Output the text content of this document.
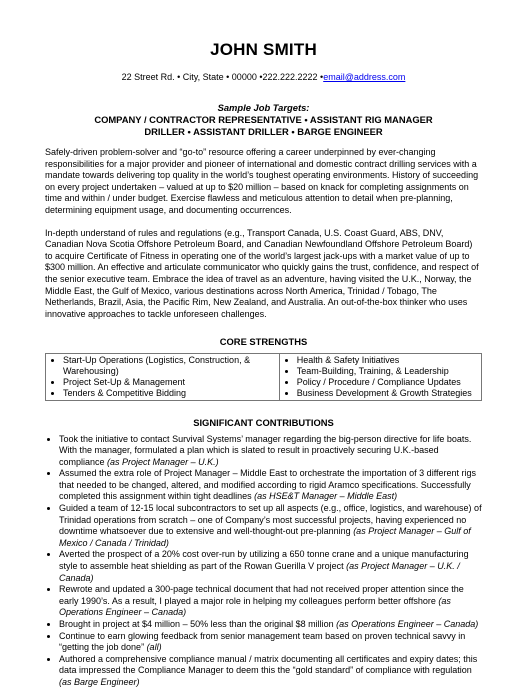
JOHN SMITH
22 Street Rd. • City, State • 00000 •222.222.2222 •email@address.com
Sample Job Targets:
COMPANY / CONTRACTOR REPRESENTATIVE • ASSISTANT RIG MANAGER
DRILLER • ASSISTANT DRILLER • BARGE ENGINEER

Safely-driven problem-solver and “go-to” resource offering a career underpinned by ever-changing responsibilities for a major provider and pioneer of international and domestic contract drilling services with a mandate towards delivering top quality in the world’s toughest operating environments. History of succeeding on every project undertaken – valued at up to $20 million – based on knack for completing assignments on time and within / under budget. Exercise flawless and meticulous attention to detail when pre-planning, determining equipment usage, and documenting occurrences.

In-depth understand of rules and regulations (e.g., Transport Canada, U.S. Coast Guard, ABS, DNV, Canadian Nova Scotia Offshore Petroleum Board, and Canadian Newfoundland Offshore Petroleum Board) to acquire Certificate of Fitness in operating one of the world’s largest jack-ups with a market value of up to $300 million. An effective and articulate communicator who quickly gains the trust, confidence, and respect of the senior executive team. Embrace the idea of travel as an adventure, having visited the U.K., Norway, the Middle East, the Gulf of Mexico, various destinations across North America, Trinidad / Tobago, The Netherlands, Brazil, Asia, the Pacific Rim, New Zealand, and Australia. An out-of-the-box thinker who uses innovative approaches to tackle unforeseen challenges.

CORE STRENGTHS
• Start-Up Operations (Logistics, Construction, & Warehousing)
• Project Set-Up & Management
• Tenders & Competitive Bidding

• Health & Safety Initiatives
• Team-Building, Training, & Leadership
• Policy / Procedure / Compliance Updates
• Business Development & Growth Strategies
SIGNIFICANT CONTRIBUTIONS
• Took the initiative to contact Survival Systems’ manager regarding the big-person directive for life boats. With the manager, formulated a plan which is slated to result in proactively securing U.K.-based compliance (as Project Manager – U.K.)
• Assumed the extra role of Project Manager – Middle East to orchestrate the importation of 3 different rigs that needed to be changed, altered, and modified according to rigid Aramco specifications. Successfully completed this assignment within tight deadlines (as HSE&T Manager – Middle East)
• Guided a team of 12-15 local subcontractors to set up all aspects (e.g., office, logistics, and warehouse) of Trinidad operations from scratch – one of Company’s most successful projects, having experienced no downtime whatsoever due to extensive and well-thought-out pre-planning (as Project Manager – Gulf of Mexico / Canada / Trinidad)
• Averted the prospect of a 20% cost over-run by utilizing a 650 tonne crane and a unique manufacturing style to assemble heat shielding as part of the Rowan Guerilla V project (as Project Manager – U.K. / Canada)
• Rewrote and updated a 300-page technical document that had not received proper attention since the early 1990’s. As a result, I played a major role in helping my colleagues perform better offshore (as Operations Engineer – Canada)
• Brought in project at $4 million – 50% less than the original $8 million (as Operations Engineer – Canada)
• Continue to earn glowing feedback from senior management team based on proven technical savvy in “getting the job done” (all)
• Authored a comprehensive compliance manual / matrix documenting all certificates and expiry dates; this data impressed the Compliance Manager to deem this the “gold standard” of compliance with regulation (as Barge Engineer)
